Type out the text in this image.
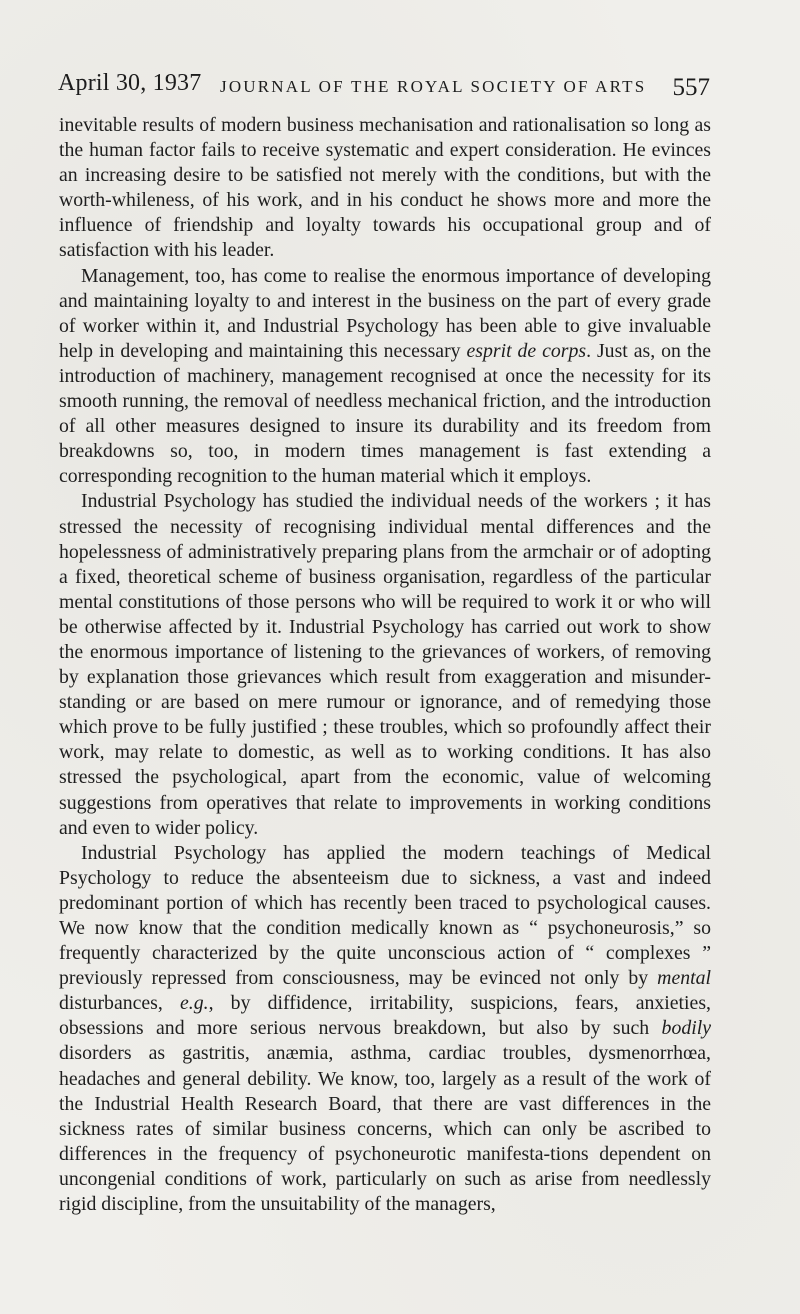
April 30, 1937 JOURNAL OF THE ROYAL SOCIETY OF ARTS 557

inevitable results of modern business mechanisation and rationalisation so long as the human factor fails to receive systematic and expert consideration. He evinces an increasing desire to be satisfied not merely with the conditions, but with the worth-whileness, of his work, and in his conduct he shows more and more the influence of friendship and loyalty towards his occupational group and of satisfaction with his leader.

Management, too, has come to realise the enormous importance of developing and maintaining loyalty to and interest in the business on the part of every grade of worker within it, and Industrial Psychology has been able to give invaluable help in developing and maintaining this necessary esprit de corps. Just as, on the introduction of machinery, management recognised at once the necessity for its smooth running, the removal of needless mechanical friction, and the introduction of all other measures designed to insure its durability and its freedom from breakdowns so, too, in modern times management is fast extending a corresponding recognition to the human material which it employs.

Industrial Psychology has studied the individual needs of the workers ; it has stressed the necessity of recognising individual mental differences and the hopelessness of administratively preparing plans from the armchair or of adopting a fixed, theoretical scheme of business organisation, regardless of the particular mental constitutions of those persons who will be required to work it or who will be otherwise affected by it. Industrial Psychology has carried out work to show the enormous importance of listening to the grievances of workers, of removing by explanation those grievances which result from exaggeration and misunder-standing or are based on mere rumour or ignorance, and of remedying those which prove to be fully justified ; these troubles, which so profoundly affect their work, may relate to domestic, as well as to working conditions. It has also stressed the psychological, apart from the economic, value of welcoming suggestions from operatives that relate to improvements in working conditions and even to wider policy.

Industrial Psychology has applied the modern teachings of Medical Psychology to reduce the absenteeism due to sickness, a vast and indeed predominant portion of which has recently been traced to psychological causes. We now know that the condition medically known as “ psychoneurosis,” so frequently characterized by the quite unconscious action of “ complexes ” previously repressed from consciousness, may be evinced not only by mental disturbances, e.g., by diffidence, irritability, suspicions, fears, anxieties, obsessions and more serious nervous breakdown, but also by such bodily disorders as gastritis, anæmia, asthma, cardiac troubles, dysmenorrhœa, headaches and general debility. We know, too, largely as a result of the work of the Industrial Health Research Board, that there are vast differences in the sickness rates of similar business concerns, which can only be ascribed to differences in the frequency of psychoneurotic manifesta-tions dependent on uncongenial conditions of work, particularly on such as arise from needlessly rigid discipline, from the unsuitability of the managers,
